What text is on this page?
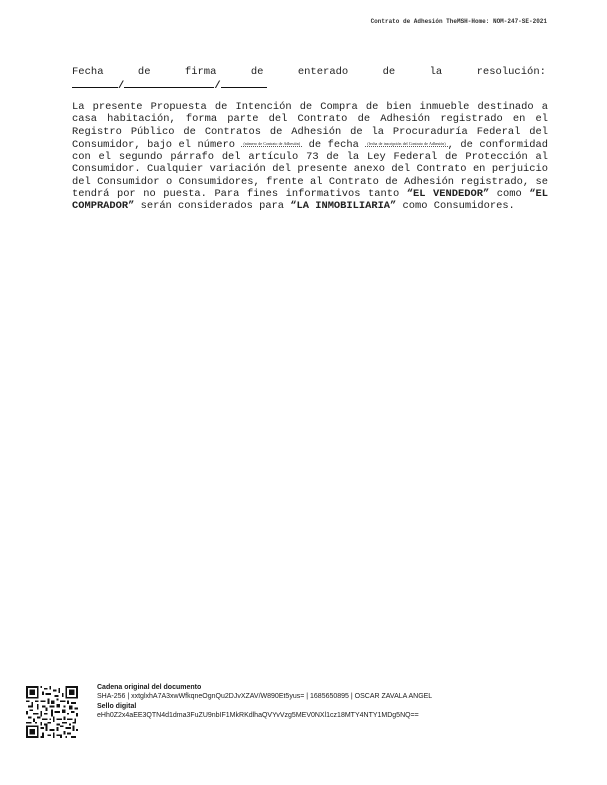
Contrato de Adhesión TheMSH-Home: NOM-247-SE-2021
Fecha	de	firma	de	enterado	de	la	resolución:
/	/
La presente Propuesta de Intención de Compra de bien inmueble destinado a casa habitación, forma parte del Contrato de Adhesión registrado en el Registro Público de Contratos de Adhesión de la Procuraduría Federal del Consumidor, bajo el número (número de Contrato de Adhesión) de fecha (fecha de inscripción del Contrato de Adhesión) , de conformidad con el segundo párrafo del artículo 73 de la Ley Federal de Protección al Consumidor. Cualquier variación del presente anexo del Contrato en perjuicio del Consumidor o Consumidores, frente al Contrato de Adhesión registrado, se tendrá por no puesta. Para fines informativos tanto “EL VENDEDOR” como “EL COMPRADOR” serán considerados para “LA INMOBILIARIA” como Consumidores.
Cadena original del documento
SHA-256 | xxtglxhA7A3xwWfkqneOgnQu2DJvXZAV/W890Et5yus= | 1685650895 | OSCAR ZAVALA ANGEL
Sello digital
eHh0Z2x4aEE3QTN4d1dma3FuZU9nbIF1MkRKdlhaQVYvVzg5MEV0NXl1cz18MTY4NTY1MDg5NQ==
